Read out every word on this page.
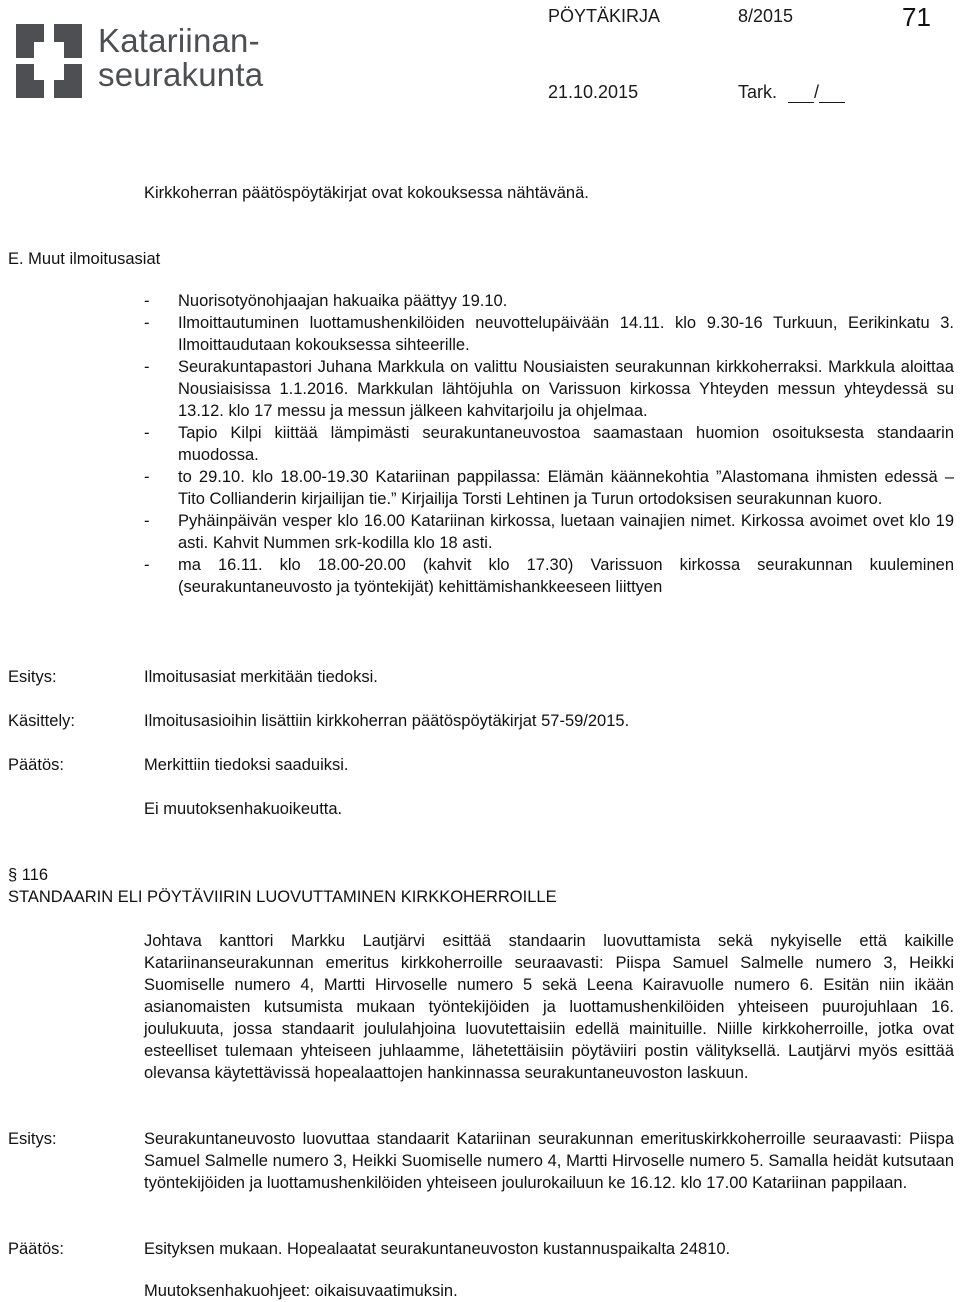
Katariinan-
seurakunta
PÖYTÄKIRJA	8/2015	71
21.10.2015	Tark. /
Kirkkoherran päätöspöytäkirjat ovat kokouksessa nähtävänä.
E. Muut ilmoitusasiat
- Nuorisotyönohjaajan hakuaika päättyy 19.10.
- Ilmoittautuminen luottamushenkilöiden neuvottelupäivään 14.11. klo 9.30-16 Turkuun, Eerikinkatu 3. Ilmoittaudutaan kokouksessa sihteerille.
- Seurakuntapastori Juhana Markkula on valittu Nousiaisten seurakunnan kirkkoherraksi. Markkula aloittaa Nousiaisissa 1.1.2016. Markkulan lähtöjuhla on Varissuon kirkossa Yhteyden messun yhteydessä su 13.12. klo 17 messu ja messun jälkeen kahvitarjoilu ja ohjelmaa.
- Tapio Kilpi kiittää lämpimästi seurakuntaneuvostoa saamastaan huomion osoituksesta standaarin muodossa.
- to 29.10. klo 18.00-19.30 Katariinan pappilassa: Elämän käännekohtia ”Alastomana ihmisten edessä – Tito Collianderin kirjailijan tie.” Kirjailija Torsti Lehtinen ja Turun ortodoksisen seurakunnan kuoro.
- Pyhäinpäivän vesper klo 16.00 Katariinan kirkossa, luetaan vainajien nimet. Kirkossa avoimet ovet klo 19 asti. Kahvit Nummen srk-kodilla klo 18 asti.
- ma 16.11. klo 18.00-20.00 (kahvit klo 17.30) Varissuon kirkossa seurakunnan kuuleminen (seurakuntaneuvosto ja työntekijät) kehittämishankkeeseen liittyen
Esitys:	Ilmoitusasiat merkitään tiedoksi.
Käsittely:	Ilmoitusasioihin lisättiin kirkkoherran päätöspöytäkirjat 57-59/2015.
Päätös:	Merkittiin tiedoksi saaduiksi.
Ei muutoksenhakuoikeutta.
§ 116
STANDAARIN ELI PÖYTÄVIIRIN LUOVUTTAMINEN KIRKKOHERROILLE
Johtava kanttori Markku Lautjärvi esittää standaarin luovuttamista sekä nykyiselle että kaikille Katariinanseurakunnan emeritus kirkkoherroille seuraavasti: Piispa Samuel Salmelle numero 3, Heikki Suomiselle numero 4, Martti Hirvoselle numero 5 sekä Leena Kairavuolle numero 6. Esitän niin ikään asianomaisten kutsumista mukaan työntekijöiden ja luottamushenkilöiden yhteiseen puurojuhlaan 16. joulukuuta, jossa standaarit joululahjoina luovutettaisiin edellä mainituille. Niille kirkkoherroille, jotka ovat esteelliset tulemaan yhteiseen juhlaamme, lähetettäisiin pöytäviiri postin välityksellä. Lautjärvi myös esittää olevansa käytettävissä hopealaattojen hankinnassa seurakuntaneuvoston laskuun.
Esitys:	Seurakuntaneuvosto luovuttaa standaarit Katariinan seurakunnan emerituskirkkoherroille seuraavasti: Piispa Samuel Salmelle numero 3, Heikki Suomiselle numero 4, Martti Hirvoselle numero 5. Samalla heidät kutsutaan työntekijöiden ja luottamushenkilöiden yhteiseen joulurokailuun ke 16.12. klo 17.00 Katariinan pappilaan.
Päätös:	Esityksen mukaan. Hopealaatat seurakuntaneuvoston kustannuspaikalta 24810.
Muutoksenhakuohjeet: oikaisuvaatimuksin.
